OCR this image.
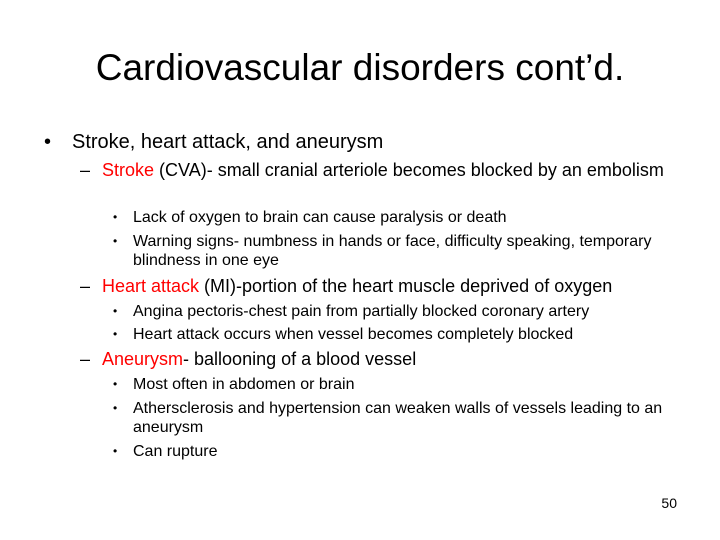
Cardiovascular disorders cont’d.
• Stroke, heart attack, and aneurysm
– Stroke (CVA)- small cranial arteriole becomes blocked by an embolism
• Lack of oxygen to brain can cause paralysis or death
• Warning signs- numbness in hands or face, difficulty speaking, temporary blindness in one eye
– Heart attack (MI)-portion of the heart muscle deprived of oxygen
• Angina pectoris-chest pain from partially blocked coronary artery
• Heart attack occurs when vessel becomes completely blocked
– Aneurysm- ballooning of a blood vessel
• Most often in abdomen or brain
• Athersclerosis and hypertension can weaken walls of vessels leading to an aneurysm
• Can rupture
50
